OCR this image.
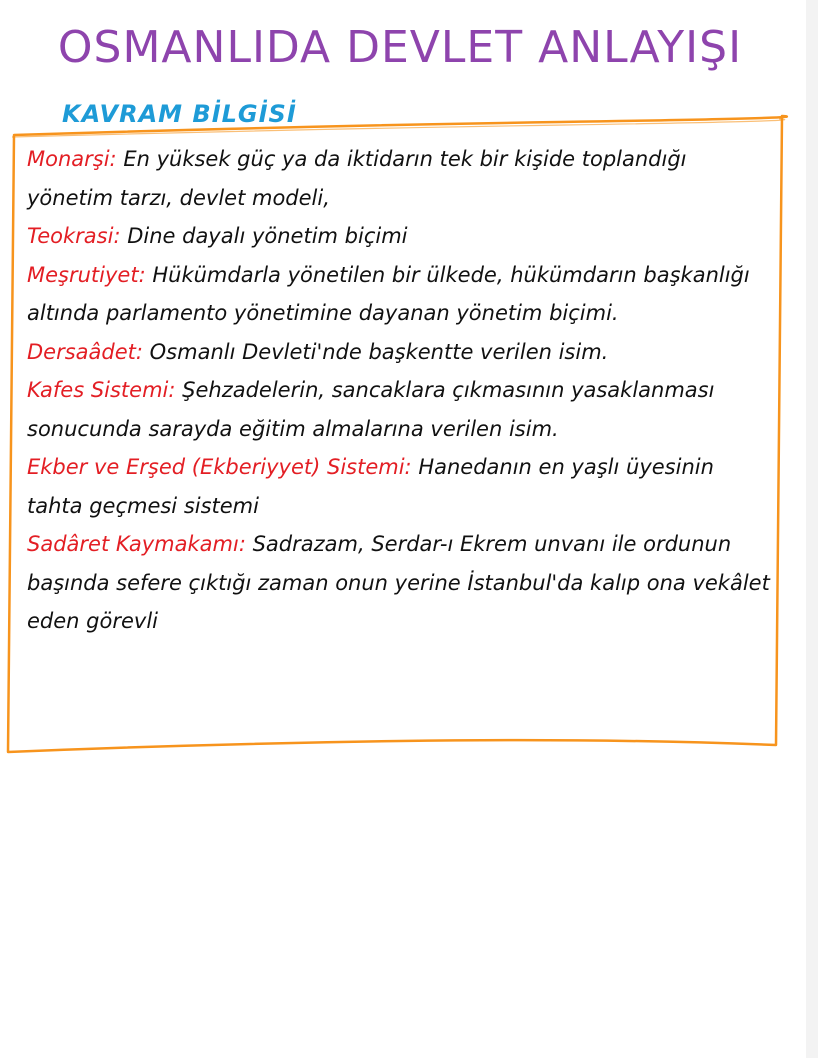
OSMANLIDA DEVLET ANLAYIŞI
KAVRAM BİLGİSİ
Monarşi: En yüksek güç ya da iktidarın tek bir kişide toplandığı yönetim tarzı, devlet modeli,
Teokrasi: Dine dayalı yönetim biçimi
Meşrutiyet: Hükümdarla yönetilen bir ülkede, hükümdarın başkanlığı altında parlamento yönetimine dayanan yönetim biçimi.
Dersaâdet: Osmanlı Devleti'nde başkentte verilen isim.
Kafes Sistemi: Şehzadelerin, sancaklara çıkmasının yasaklanması sonucunda sarayda eğitim almalarına verilen isim.
Ekber ve Erşed (Ekberiyyet) Sistemi: Hanedanın en yaşlı üyesinin tahta geçmesi sistemi
Sadâret Kaymakamı: Sadrazam, Serdar-ı Ekrem unvanı ile ordunun başında sefere çıktığı zaman onun yerine İstanbul'da kalıp ona vekâlet eden görevli
